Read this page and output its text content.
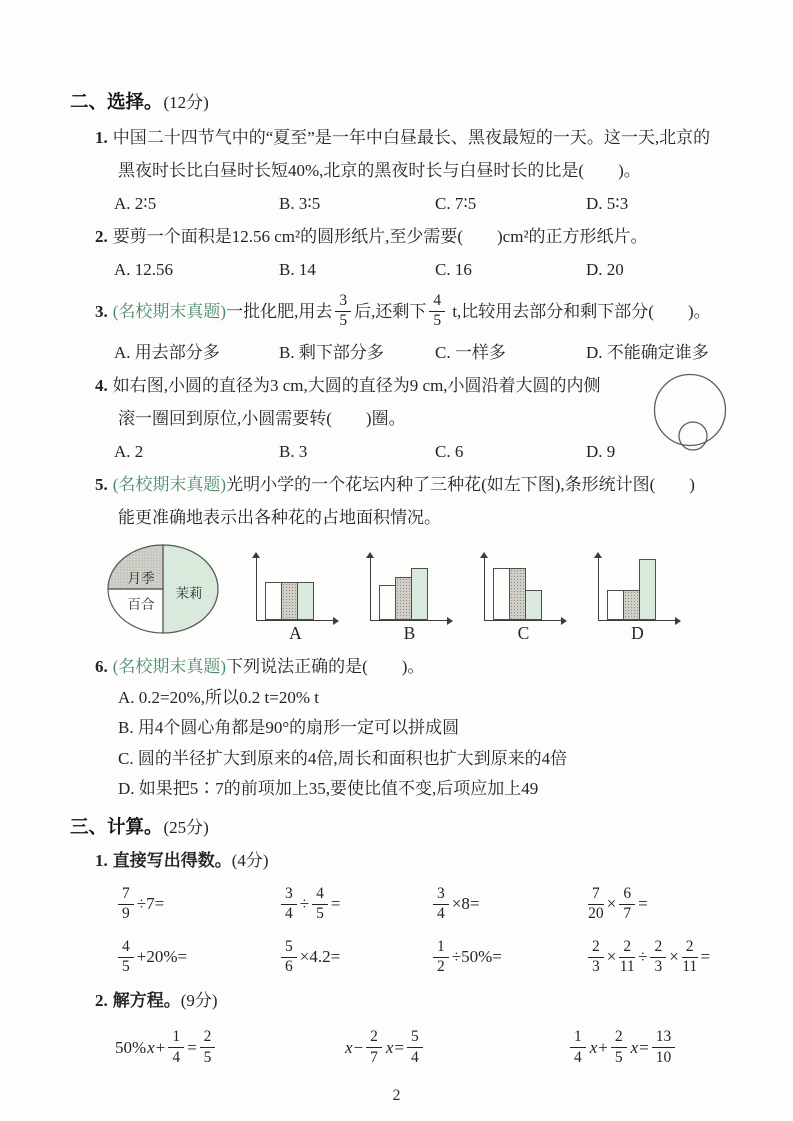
二、选择。(12分)
1. 中国二十四节气中的“夏至”是一年中白昼最长、黑夜最短的一天。这一天,北京的
黑夜时长比白昼时长短40%,北京的黑夜时长与白昼时长的比是(　　)。
A. 2∶5	B. 3∶5	C. 7∶5	D. 5∶3
2. 要剪一个面积是12.56 cm²的圆形纸片,至少需要(　　)cm²的正方形纸片。
A. 12.56	B. 14	C. 16	D. 20
3. (名校期末真题) 一批化肥,用去 $\frac{3}{5}$ 后,还剩下 $\frac{4}{5} t$,比较用去部分和剩下部分(　　)。
A. 用去部分多	B. 剩下部分多	C. 一样多	D. 不能确定谁多
4. 如右图,小圆的直径为3 cm,大圆的直径为9 cm,小圆沿着大圆的内侧
滚一圈回到原位,小圆需要转(　　)圈。
A. 2	B. 3	C. 6	D. 9
5. (名校期末真题)光明小学的一个花坛内种了三种花(如左下图),条形统计图(　　)
能更准确地表示出各种花的占地面积情况。
月季
百合
茉莉
A	B	C	D
6. (名校期末真题)下列说法正确的是(　　)。
A. 0.2=20%,所以0.2 t=20% t
B. 用4个圆心角都是90°的扇形一定可以拼成圆
C. 圆的半径扩大到原来的4倍,周长和面积也扩大到原来的4倍
D. 如果把5∶7的前项加上35,要使比值不变,后项应加上49
三、计算。(25分)
1. 直接写出得数。(4分)
$\frac{7}{9} \div 7=$	$\frac{3}{4} \div \frac{4}{5}$ =	$\frac{3}{4} \times 8=$	$\frac{7}{20} \times \frac{6}{7}$ =
$\frac{4}{5} +20\%=$	$\frac{5}{6} \times 4.2=$	$\frac{1}{2} \div 50\%=$	$\frac{2}{3} \times \frac{2}{11} \div \frac{2}{3} \times \frac{2}{11}$ =
2. 解方程。(9分)
50% $x + \frac{1}{4} = \frac{2}{5}$	$x - \frac{2}{7}$ $x = \frac{5}{4}$	$\frac{1}{4}$ $x + \frac{2}{5}$ $x = \frac{13}{10}$
2
